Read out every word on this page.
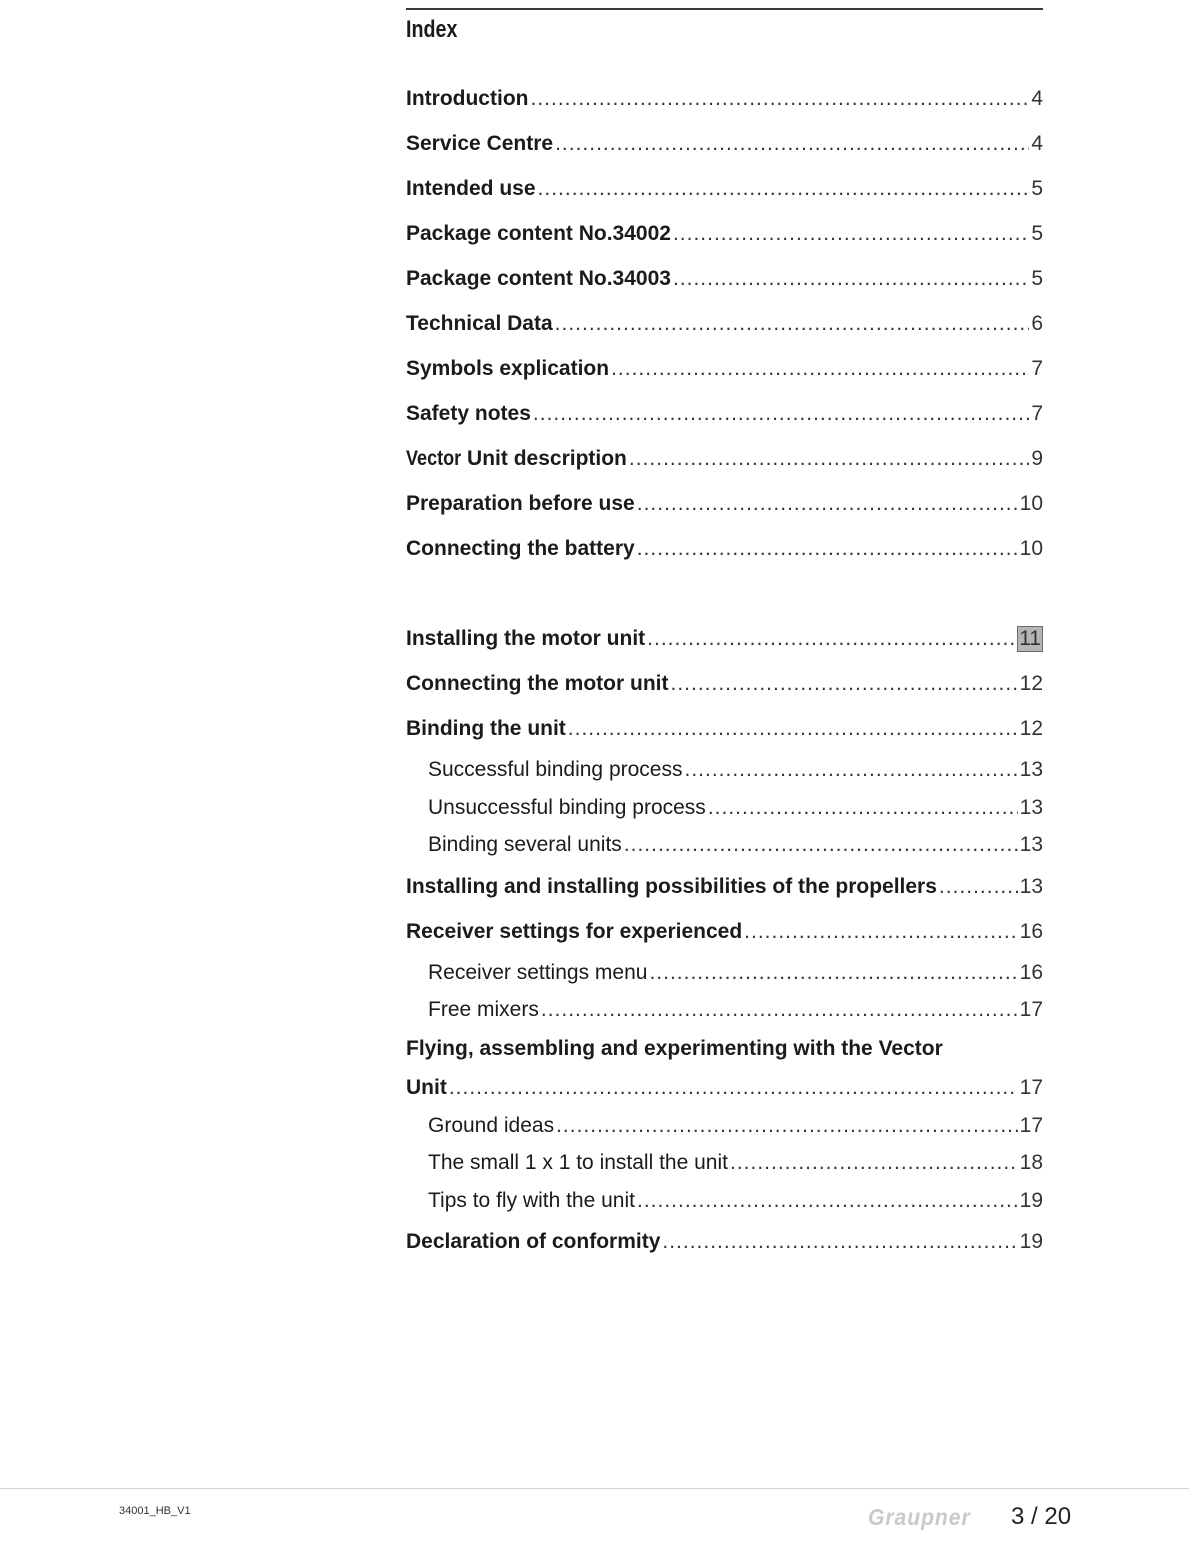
Index
Introduction .....	4
Service Centre .....	4
Intended use .....	5
Package content No.34002 .....	5
Package content No.34003 .....	5
Technical Data .....	6
Symbols explication .....	7
Safety notes .....	7
Vector Unit description .....	9
Preparation before use .....	10
Connecting the battery .....	10
Installing the motor unit .....	11
Connecting the motor unit .....	12
Binding the unit .....	12
Successful binding process .....	13
Unsuccessful binding process .....	13
Binding several units .....	13
Installing and installing possibilities of the propellers .....	13
Receiver settings for experienced .....	16
Receiver settings menu .....	16
Free mixers .....	17
Flying, assembling and experimenting with the Vector
Unit .....	17
Ground ideas .....	17
The small 1 x 1 to install the unit .....	18
Tips to fly with the unit .....	19
Declaration of conformity .....	19
34001_HB_V1	Graupner 3 / 20
